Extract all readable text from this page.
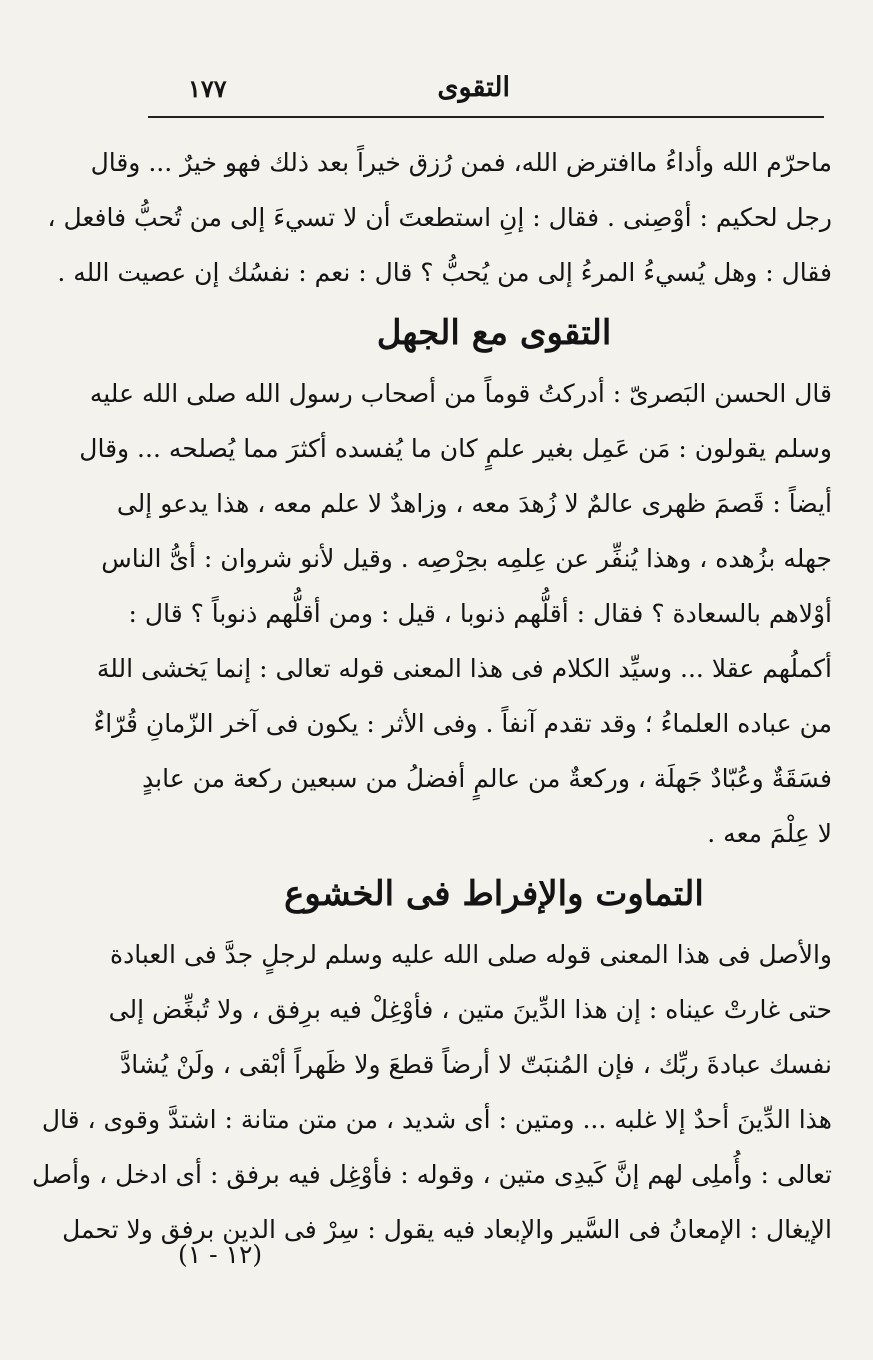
التقوى
١٧٧
ماحرّم الله وأداءُ ماافترض الله، فمن رُزق خيراً بعد ذلك فهو خيرٌ ... وقال
رجل لحكيم : أوْصِنى . فقال : إنِ استطعتَ أن لا تسيءَ إلى من تُحبُّ فافعل ،
فقال : وهل يُسيءُ المرءُ إلى من يُحبُّ ؟ قال : نعم : نفسُك إن عصيت الله .
التقوى مع الجهل
قال الحسن البَصرىّ : أدركتُ قوماً من أصحاب رسول الله صلى الله عليه
وسلم يقولون : مَن عَمِل بغير علمٍ كان ما يُفسده أكثرَ مما يُصلحه ... وقال
أيضاً : قَصمَ ظهرى عالمٌ لا زُهدَ معه ، وزاهدٌ لا علم معه ، هذا يدعو إلى
جهله بزُهده ، وهذا يُنفِّر عن عِلمِه بحِرْصِه . وقيل لأنو شروان : أىُّ الناس
أوْلاهم بالسعادة ؟ فقال : أقلُّهم ذنوبا ، قيل : ومن أقلُّهم ذنوباً ؟ قال :
أكملُهم عقلا ... وسيِّد الكلام فى هذا المعنى قوله تعالى : إنما يَخشى اللهَ
من عباده العلماءُ ؛ وقد تقدم آنفاً . وفى الأثر : يكون فى آخر الزّمانِ قُرّاءٌ
فسَقَةٌ وعُبّادٌ جَهلَة ، وركعةٌ من عالمٍ أفضلُ من سبعين ركعة من عابدٍ
لا عِلْمَ معه .
التماوت والإفراط فى الخشوع
والأصل فى هذا المعنى قوله صلى الله عليه وسلم لرجلٍ جدَّ فى العبادة
حتى غارتْ عيناه : إن هذا الدِّينَ متين ، فأوْغِلْ فيه برِفق ، ولا تُبغِّض إلى
نفسك عبادةَ ربِّك ، فإن المُنبَتّ لا أرضاً قطعَ ولا ظَهراً أبْقى ، ولَنْ يُشادَّ
هذا الدِّينَ أحدٌ إلا غلبه ... ومتين : أى شديد ، من متن متانة : اشتدَّ وقوى ، قال
تعالى : وأُملِى لهم إنَّ كَيدِى متين ، وقوله : فأوْغِل فيه برفق : أى ادخل ، وأصل
الإيغال : الإمعانُ فى السَّير والإبعاد فيه يقول : سِرْ فى الدين برفق ولا تحمل
(١٢ - ١)
